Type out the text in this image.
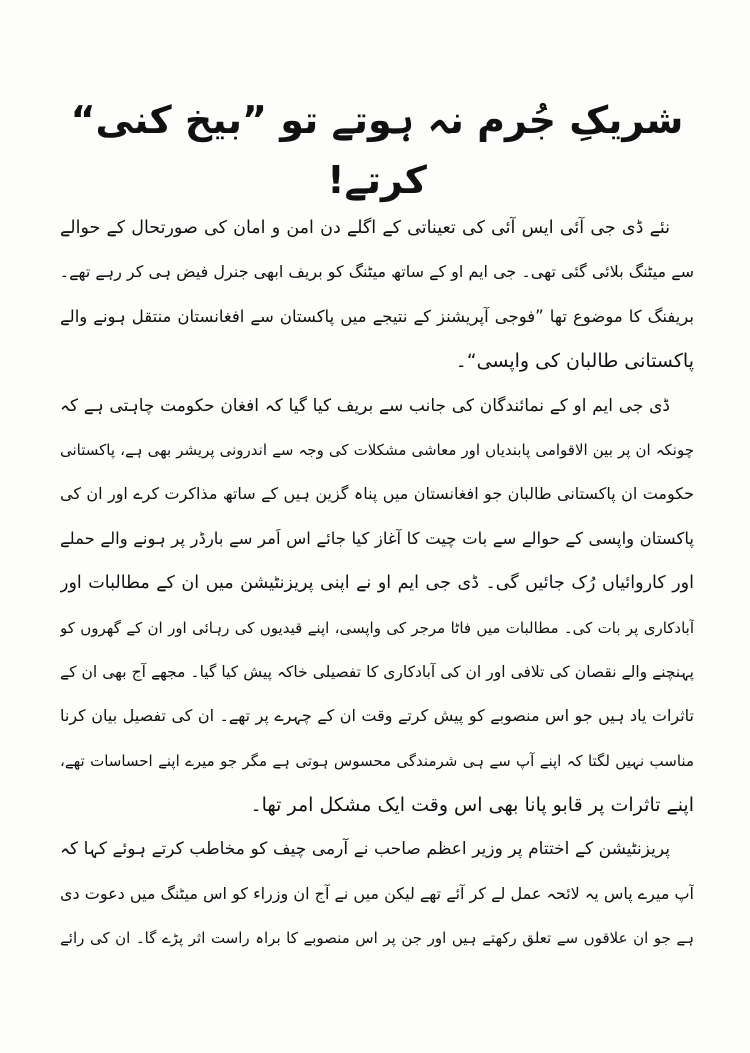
شریکِ جُرم نہ ہوتے تو ”بیخ کنی“ کرتے!
نئے ڈی جی آئی ایس آئی کی تعیناتی کے اگلے دن امن و امان کی صورتحال کے حوالے
سے میٹنگ بلائی گئی تھی۔ جی ایم او کے ساتھ میٹنگ کو بریف ابھی جنرل فیض ہی کر رہے تھے۔
بریفنگ کا موضوع تھا ”فوجی آپریشنز کے نتیجے میں پاکستان سے افغانستان منتقل ہونے والے
پاکستانی طالبان کی واپسی“۔
ڈی جی ایم او کے نمائندگان کی جانب سے بریف کیا گیا کہ افغان حکومت چاہتی ہے کہ
چونکہ ان پر بین الاقوامی پابندیاں اور معاشی مشکلات کی وجہ سے اندرونی پریشر بھی ہے، پاکستانی
حکومت ان پاکستانی طالبان جو افغانستان میں پناہ گزین ہیں کے ساتھ مذاکرت کرے اور ان کی
پاکستان واپسی کے حوالے سے بات چیت کا آغاز کیا جائے اس اَمر سے بارڈر پر ہونے والے حملے
اور کاروائیاں رُک جائیں گی۔ ڈی جی ایم او نے اپنی پریزنٹیشن میں ان کے مطالبات اور
آبادکاری پر بات کی۔ مطالبات میں فاٹا مرجر کی واپسی، اپنے قیدیوں کی رہائی اور ان کے گھروں کو
پہنچنے والے نقصان کی تلافی اور ان کی آبادکاری کا تفصیلی خاکہ پیش کیا گیا۔ مجھے آج بھی ان کے
تاثرات یاد ہیں جو اس منصوبے کو پیش کرتے وقت ان کے چہرے پر تھے۔ ان کی تفصیل بیان کرنا
مناسب نہیں لگتا کہ اپنے آپ سے ہی شرمندگی محسوس ہوتی ہے مگر جو میرے اپنے احساسات تھے،
اپنے تاثرات پر قابو پانا بھی اس وقت ایک مشکل امر تھا۔
پریزنٹیشن کے اختتام پر وزیر اعظم صاحب نے آرمی چیف کو مخاطب کرتے ہوئے کہا کہ
آپ میرے پاس یہ لائحہ عمل لے کر آئے تھے لیکن میں نے آج ان وزراء کو اس میٹنگ میں دعوت دی
ہے جو ان علاقوں سے تعلق رکھتے ہیں اور جن پر اس منصوبے کا براہ راست اثر پڑے گا۔ ان کی رائے
